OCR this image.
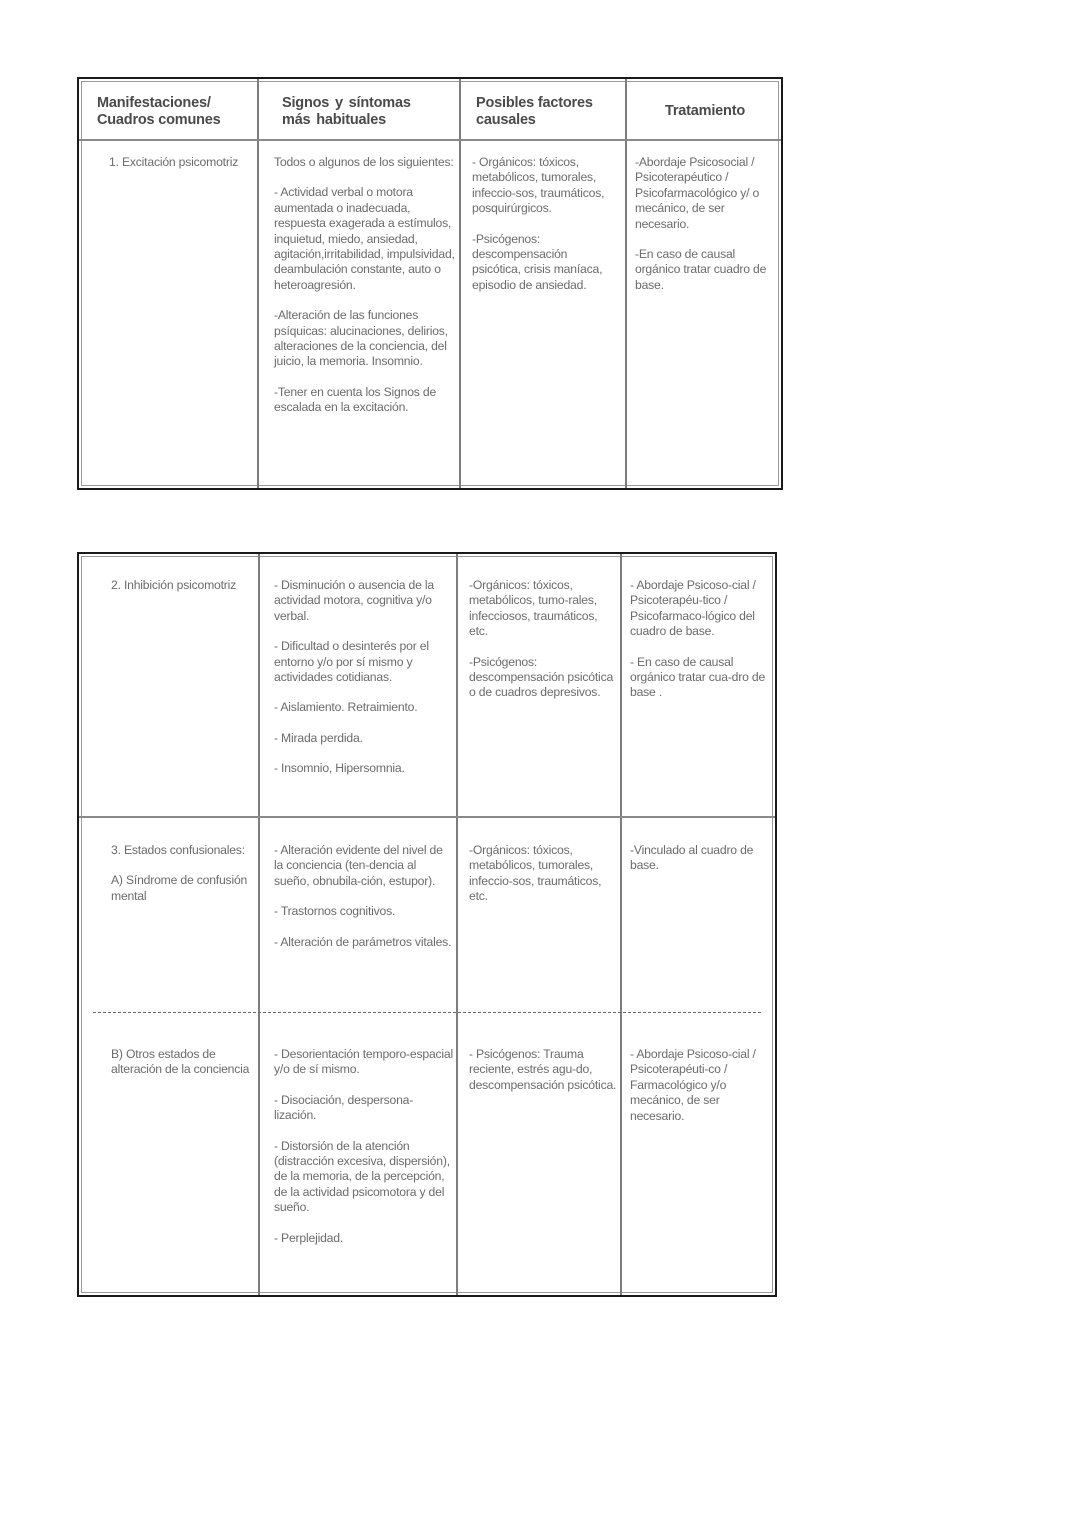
Manifestaciones/ Cuadros comunes
Signos y síntomas más habituales
Posibles factores causales
Tratamiento

1. Excitación psicomotriz	Todos o algunos de los siguientes:

- Actividad verbal o motora aumentada o inadecuada, respuesta exagerada a estímulos, inquietud, miedo, ansiedad, agitación,irritabilidad, impulsividad, deambulación constante, auto o heteroagresión.

-Alteración de las funciones psíquicas: alucinaciones, delirios, alteraciones de la conciencia, del juicio, la memoria. Insomnio.

-Tener en cuenta los Signos de escalada en la excitación.

- Orgánicos: tóxicos, metabólicos, tumorales, infeccio-sos, traumáticos, posquirúrgicos.

-Psicógenos: descompensación psicótica, crisis maníaca, episodio de ansiedad.

-Abordaje Psicosocial / Psicoterapéutico / Psicofarmacológico y/ o mecánico, de ser necesario.

-En caso de causal orgánico tratar cuadro de base.

2. Inhibición psicomotriz	- Disminución o ausencia de la actividad motora, cognitiva y/o verbal.

- Dificultad o desinterés por el entorno y/o por sí mismo y actividades cotidianas.

- Aislamiento. Retraimiento.

- Mirada perdida.

- Insomnio, Hipersomnia.

-Orgánicos: tóxicos, metabólicos, tumo-rales, infecciosos, traumáticos, etc.

-Psicógenos: descompensación psicótica o de cuadros depresivos.

- Abordaje Psicoso-cial / Psicoterapéu-tico / Psicofarmaco-lógico del cuadro de base.

- En caso de causal orgánico tratar cua-dro de base .

3. Estados confusionales:

A) Síndrome de confusión mental

- Alteración evidente del nivel de la conciencia (ten-dencia al sueño, obnubila-ción, estupor).

- Trastornos cognitivos.

- Alteración de parámetros vitales.

-Orgánicos: tóxicos, metabólicos, tumorales, infeccio-sos, traumáticos, etc.

-Vinculado al cuadro de base.

B) Otros estados de alteración de la conciencia

- Desorientación temporo-espacial y/o de sí mismo.

- Disociación, despersona-lización.

- Distorsión de la atención (distracción excesiva, dispersión), de la memoria, de la percepción, de la actividad psicomotora y del sueño.

- Perplejidad.

- Psicógenos: Trauma reciente, estrés agu-do, descompensación psicótica.

- Abordaje Psicoso-cial / Psicoterapéuti-co / Farmacológico y/o mecánico, de ser necesario.
